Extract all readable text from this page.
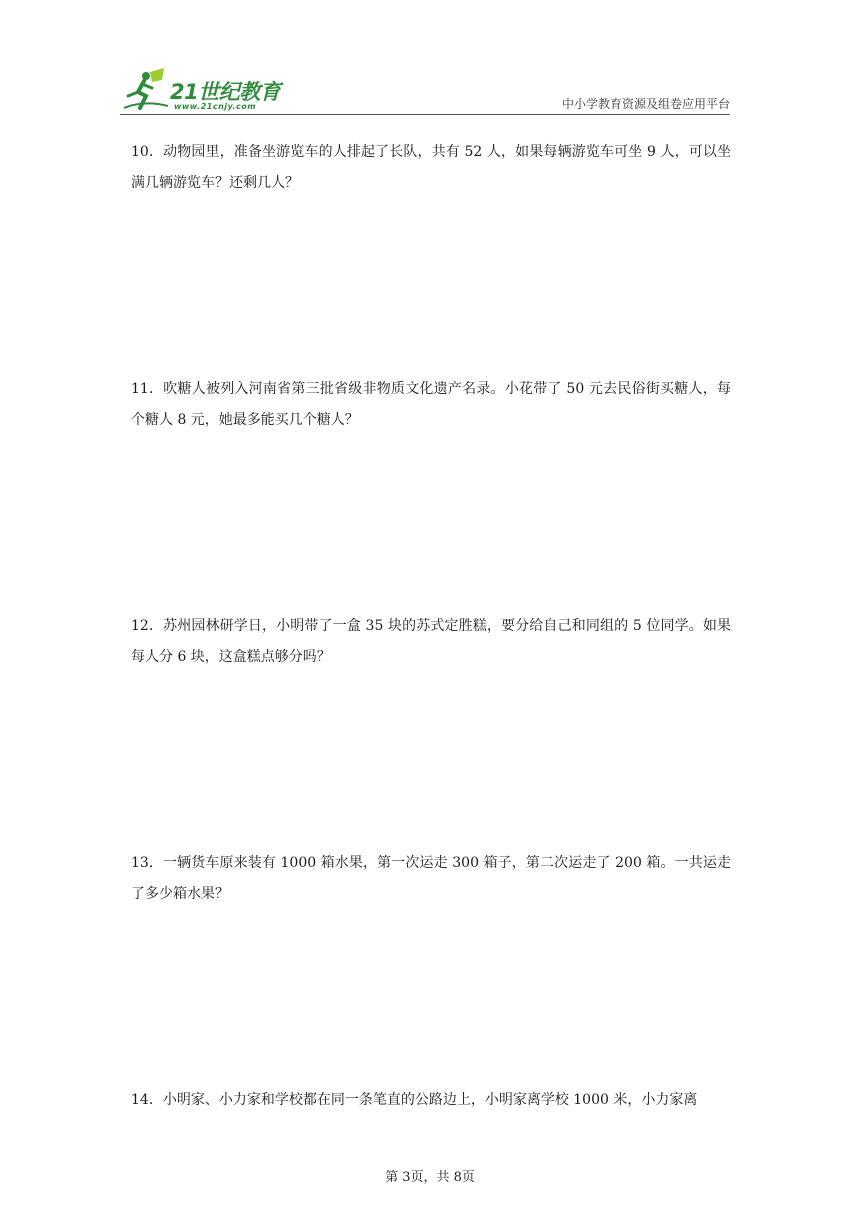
21世纪教育
www.21cnjy.com	中小学教育资源及组卷应用平台
10．动物园里，准备坐游览车的人排起了长队，共有 52 人，如果每辆游览车可坐 9 人，可以坐满几辆游览车？还剩几人？
11．吹糖人被列入河南省第三批省级非物质文化遗产名录。小花带了 50 元去民俗街买糖人，每个糖人 8 元，她最多能买几个糖人？
12．苏州园林研学日，小明带了一盒 35 块的苏式定胜糕，要分给自己和同组的 5 位同学。如果每人分 6 块，这盒糕点够分吗？
13．一辆货车原来装有 1000 箱水果，第一次运走 300 箱子，第二次运走了 200 箱。一共运走了多少箱水果？
14．小明家、小力家和学校都在同一条笔直的公路边上，小明家离学校 1000 米，小力家离
第 3页，共 8页
